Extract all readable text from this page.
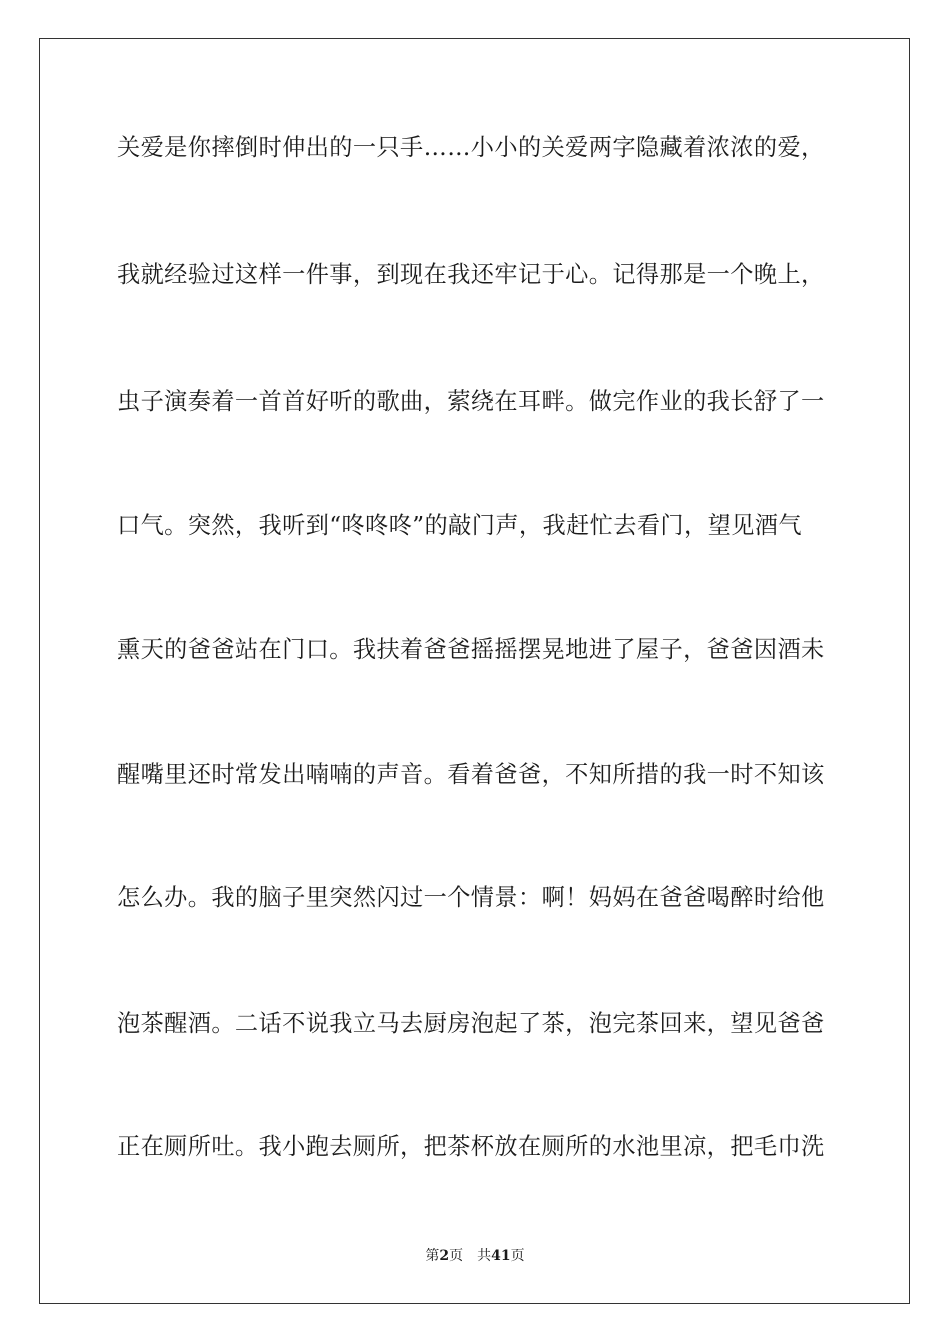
关爱是你摔倒时伸出的一只手……小小的关爱两字隐藏着浓浓的爱，
我就经验过这样一件事，到现在我还牢记于心。记得那是一个晚上，
虫子演奏着一首首好听的歌曲，萦绕在耳畔。做完作业的我长舒了一
口气。突然，我听到“咚咚咚”的敲门声，我赶忙去看门，望见酒气
熏天的爸爸站在门口。我扶着爸爸摇摇摆晃地进了屋子，爸爸因酒未
醒嘴里还时常发出喃喃的声音。看着爸爸，不知所措的我一时不知该
怎么办。我的脑子里突然闪过一个情景：啊！妈妈在爸爸喝醉时给他
泡茶醒酒。二话不说我立马去厨房泡起了茶，泡完茶回来，望见爸爸
正在厕所吐。我小跑去厕所，把茶杯放在厕所的水池里凉，把毛巾洗
第2页 共41页
